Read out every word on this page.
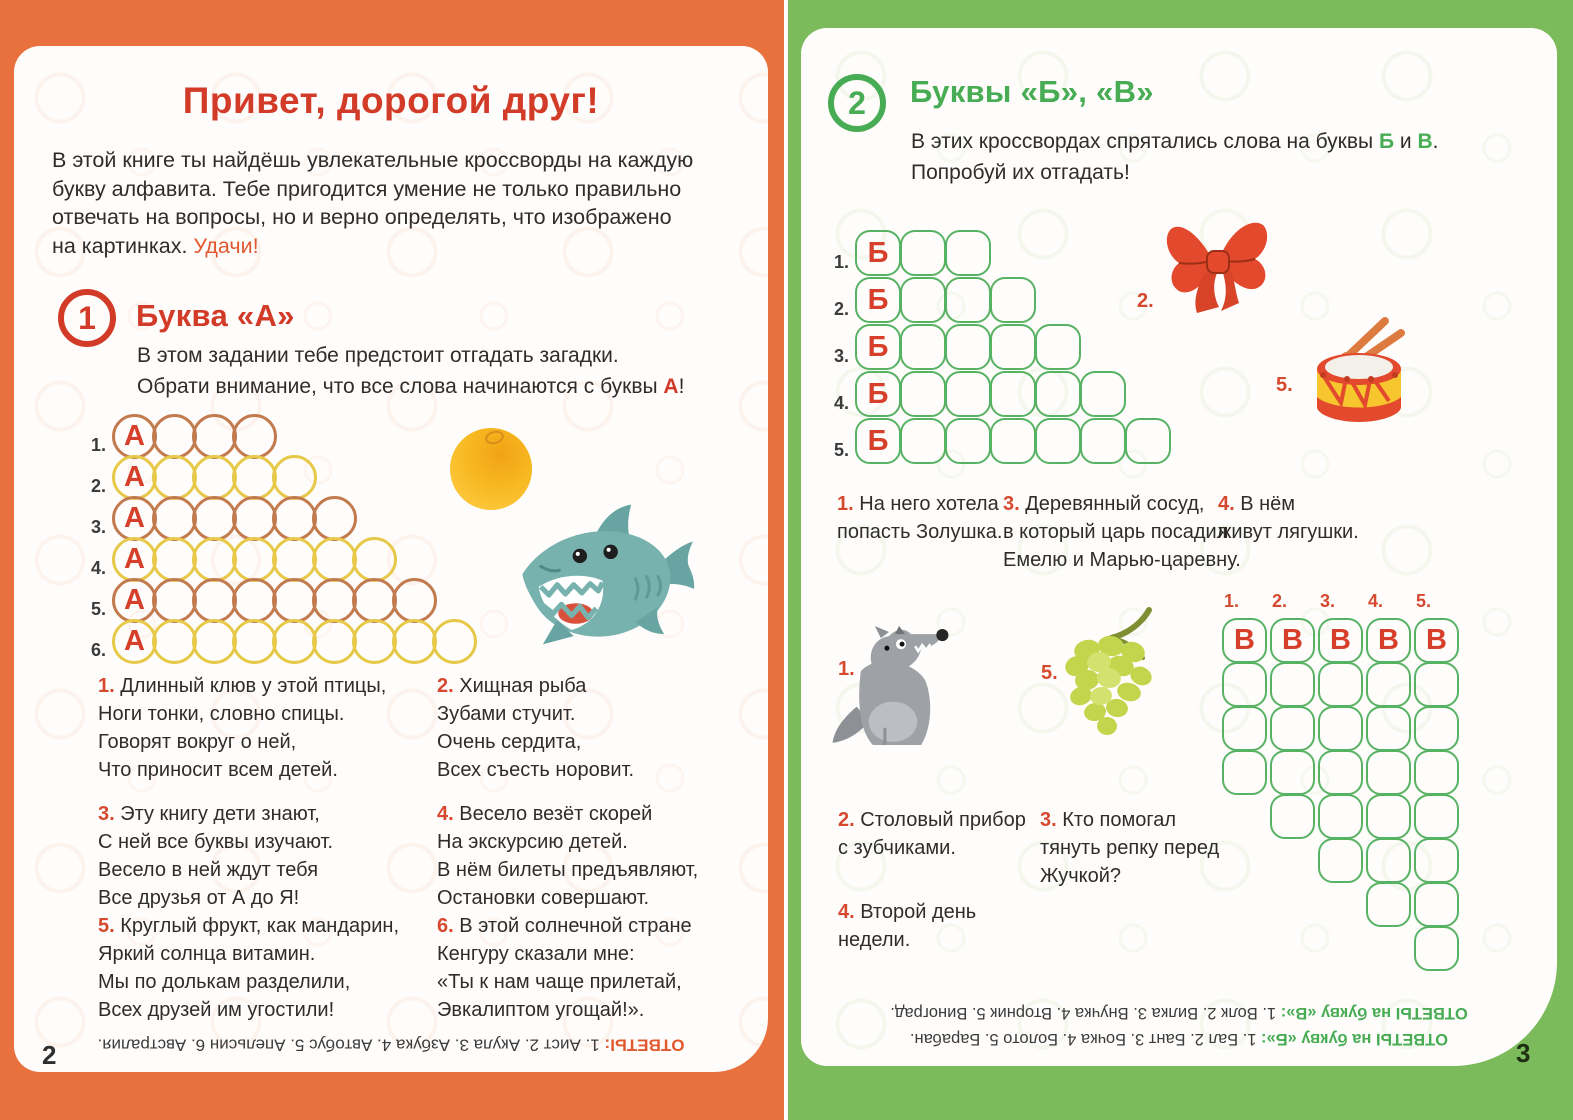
Привет, дорогой друг!

В этой книге ты найдёшь увлекательные кроссворды на каждую
букву алфавита. Тебе пригодится умение не только правильно
отвечать на вопросы, но и верно определять, что изображено
на картинках. Удачи!

1 Буква «А»

В этом задании тебе предстоит отгадать загадки.
Обрати внимание, что все слова начинаются с буквы А!

1. А
2. А
3. А
4. А
5. А
6. А
1. Длинный клюв у этой птицы,
Ноги тонки, словно спицы.
Говорят вокруг о ней,
Что приносит всем детей.
3. Эту книгу дети знают,
С ней все буквы изучают.
Весело в ней ждут тебя
Все друзья от А до Я!
5. Круглый фрукт, как мандарин,
Яркий солнца витамин.
Мы по долькам разделили,
Всех друзей им угостили!
2. Хищная рыба
Зубами стучит.
Очень сердита,
Всех съесть норовит.
4. Весело везёт скорей
На экскурсию детей.
В нём билеты предъявляют,
Остановки совершают.
6. В этой солнечной стране
Кенгуру сказали мне:
«Ты к нам чаще прилетай,
Эвкалиптом угощай!».
ОТВЕТЫ: 1. Аист 2. Акула 3. Азбука 4. Автобус 5. Апельсин 6. Австралия.
2
2 Буквы «Б», «В»

В этих кроссвордах спрятались слова на буквы Б и В.
Попробуй их отгадать!

1. Б
2. Б
3. Б
4. Б
5. Б
2.
5.
1. На него хотела
попасть Золушка.
3. Деревянный сосуд,
в который царь посадил
Емелю и Марью-царевну.
4. В нём
живут лягушки.
1.	5.
1.
В
2.
В
3.
В
4.
В
5.
В
2. Столовый прибор
с зубчиками.
3. Кто помогал
тянуть репку перед
Жучкой?
4. Второй день
недели.
ОТВЕТЫ на букву «Б»: 1. Бал 2. Бант 3. Бочка 4. Болото 5. Барабан.
ОТВЕТЫ на букву «В»: 1. Волк 2. Вилка 3. Внучка 4. Вторник 5. Виноград.
3
